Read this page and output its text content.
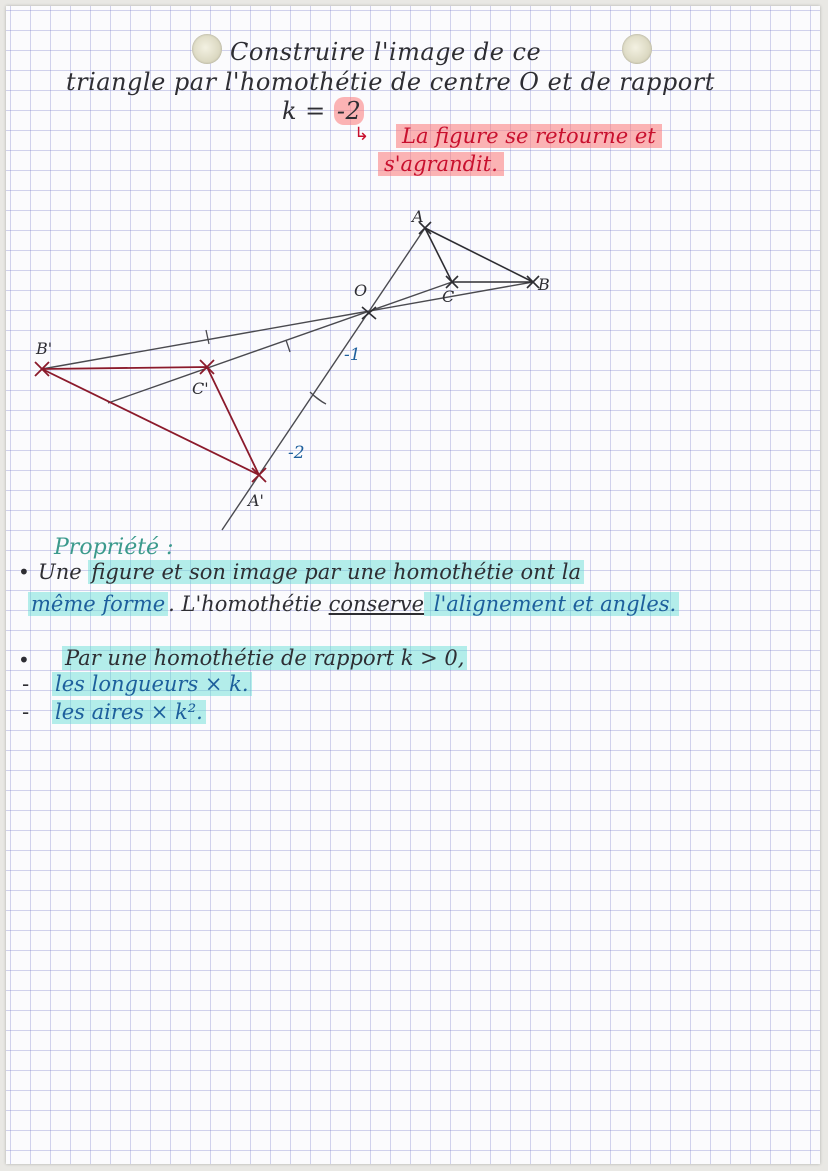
Construire l'image de ce
triangle par l'homothétie de centre O et de rapport
k = -2
↳ La figure se retourne et
s'agrandit.
O
A
B
C
A'
B'
C'
-1
-2
Propriété :
• Une figure et son image par une homothétie ont la
même forme . L'homothétie conserve l'alignement et angles.
• Par une homothétie de rapport k > 0,
- les longueurs × k.
- les aires × k².
